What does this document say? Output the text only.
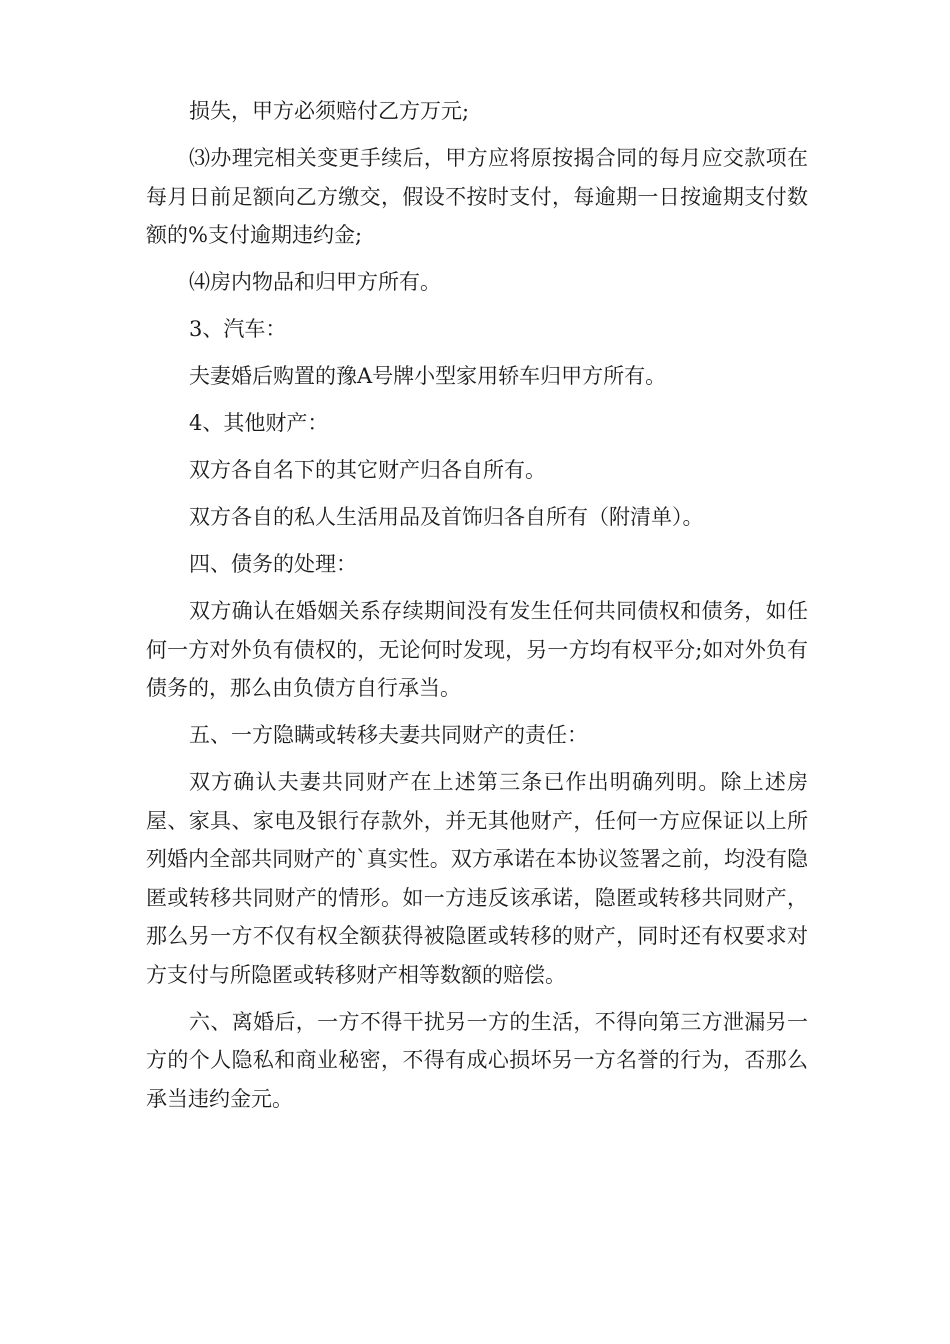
损失，甲方必须赔付乙方万元;

⑶办理完相关变更手续后，甲方应将原按揭合同的每月应交款项在每月日前足额向乙方缴交，假设不按时支付，每逾期一日按逾期支付数额的%支付逾期违约金;

⑷房内物品和归甲方所有。

3、汽车：

夫妻婚后购置的豫A号牌小型家用轿车归甲方所有。

4、其他财产：

双方各自名下的其它财产归各自所有。

双方各自的私人生活用品及首饰归各自所有（附清单）。

四、债务的处理：

双方确认在婚姻关系存续期间没有发生任何共同债权和债务，如任何一方对外负有债权的，无论何时发现，另一方均有权平分;如对外负有债务的，那么由负债方自行承当。

五、一方隐瞒或转移夫妻共同财产的责任：

双方确认夫妻共同财产在上述第三条已作出明确列明。除上述房屋、家具、家电及银行存款外，并无其他财产，任何一方应保证以上所列婚内全部共同财产的`真实性。双方承诺在本协议签署之前，均没有隐匿或转移共同财产的情形。如一方违反该承诺，隐匿或转移共同财产，那么另一方不仅有权全额获得被隐匿或转移的财产，同时还有权要求对方支付与所隐匿或转移财产相等数额的赔偿。

六、离婚后，一方不得干扰另一方的生活，不得向第三方泄漏另一方的个人隐私和商业秘密，不得有成心损坏另一方名誉的行为，否那么承当违约金元。
